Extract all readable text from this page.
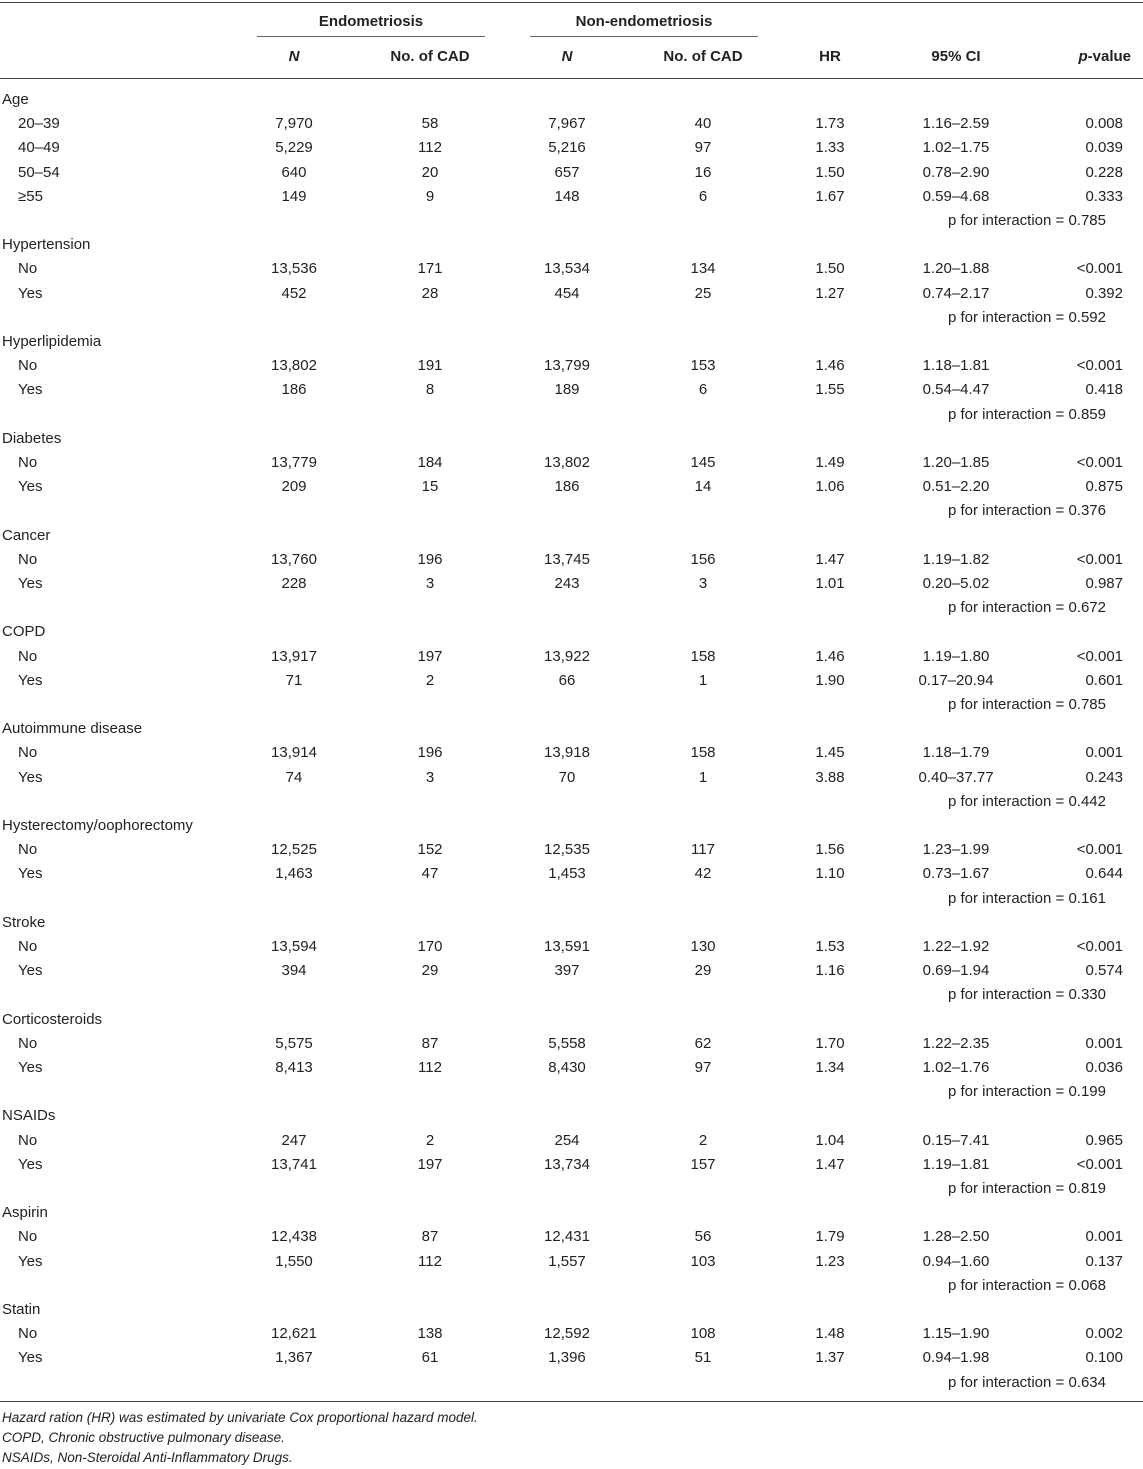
Endometriosis	Non-endometriosis
N	No. of CAD	N	No. of CAD	HR	95% CI	p-value
Age
20–39	7,970	58	7,967	40	1.73	1.16–2.59	0.008
40–49	5,229	112	5,216	97	1.33	1.02–1.75	0.039
50–54	640	20	657	16	1.50	0.78–2.90	0.228
≥55	149	9	148	6	1.67	0.59–4.68	0.333
p for interaction = 0.785
Hypertension
No	13,536	171	13,534	134	1.50	1.20–1.88	<0.001
Yes	452	28	454	25	1.27	0.74–2.17	0.392
p for interaction = 0.592
Hyperlipidemia
No	13,802	191	13,799	153	1.46	1.18–1.81	<0.001
Yes	186	8	189	6	1.55	0.54–4.47	0.418
p for interaction = 0.859
Diabetes
No	13,779	184	13,802	145	1.49	1.20–1.85	<0.001
Yes	209	15	186	14	1.06	0.51–2.20	0.875
p for interaction = 0.376
Cancer
No	13,760	196	13,745	156	1.47	1.19–1.82	<0.001
Yes	228	3	243	3	1.01	0.20–5.02	0.987
p for interaction = 0.672
COPD
No	13,917	197	13,922	158	1.46	1.19–1.80	<0.001
Yes	71	2	66	1	1.90	0.17–20.94	0.601
p for interaction = 0.785
Autoimmune disease
No	13,914	196	13,918	158	1.45	1.18–1.79	0.001
Yes	74	3	70	1	3.88	0.40–37.77	0.243
p for interaction = 0.442
Hysterectomy/oophorectomy
No	12,525	152	12,535	117	1.56	1.23–1.99	<0.001
Yes	1,463	47	1,453	42	1.10	0.73–1.67	0.644
p for interaction = 0.161
Stroke
No	13,594	170	13,591	130	1.53	1.22–1.92	<0.001
Yes	394	29	397	29	1.16	0.69–1.94	0.574
p for interaction = 0.330
Corticosteroids
No	5,575	87	5,558	62	1.70	1.22–2.35	0.001
Yes	8,413	112	8,430	97	1.34	1.02–1.76	0.036
p for interaction = 0.199
NSAIDs
No	247	2	254	2	1.04	0.15–7.41	0.965
Yes	13,741	197	13,734	157	1.47	1.19–1.81	<0.001
p for interaction = 0.819
Aspirin
No	12,438	87	12,431	56	1.79	1.28–2.50	0.001
Yes	1,550	112	1,557	103	1.23	0.94–1.60	0.137
p for interaction = 0.068
Statin
No	12,621	138	12,592	108	1.48	1.15–1.90	0.002
Yes	1,367	61	1,396	51	1.37	0.94–1.98	0.100
p for interaction = 0.634
Hazard ration (HR) was estimated by univariate Cox proportional hazard model.
COPD, Chronic obstructive pulmonary disease.
NSAIDs, Non-Steroidal Anti-Inflammatory Drugs.
